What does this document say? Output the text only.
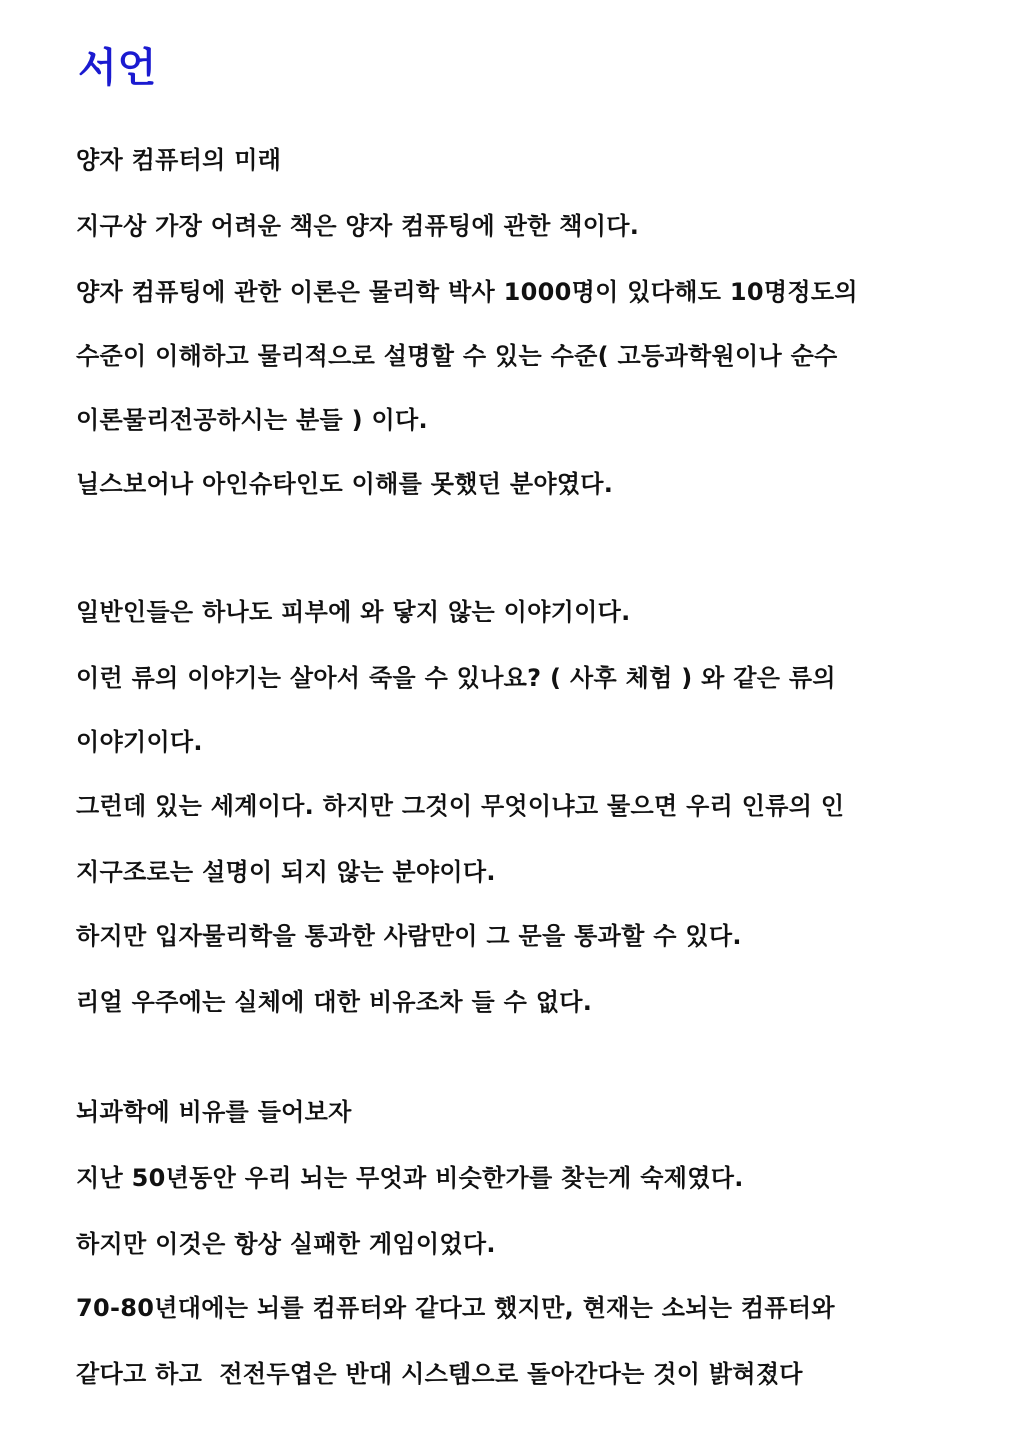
서언

양자 컴퓨터의 미래

지구상 가장 어려운 책은 양자 컴퓨팅에 관한 책이다.

양자 컴퓨팅에 관한 이론은 물리학 박사 1000명이 있다해도 10명정도의

수준이 이해하고 물리적으로 설명할 수 있는 수준( 고등과학원이나 순수

이론물리전공하시는 분들 ) 이다.

닐스보어나 아인슈타인도 이해를 못했던 분야였다.

일반인들은 하나도 피부에 와 닿지 않는 이야기이다.

이런 류의 이야기는 살아서 죽을 수 있나요? ( 사후 체험 ) 와 같은 류의

이야기이다.

그런데 있는 세계이다. 하지만 그것이 무엇이냐고 물으면 우리 인류의 인

지구조로는 설명이 되지 않는 분야이다.

하지만 입자물리학을 통과한 사람만이 그 문을 통과할 수 있다.

리얼 우주에는 실체에 대한 비유조차 들 수 없다.

뇌과학에 비유를 들어보자

지난 50년동안 우리 뇌는 무엇과 비슷한가를 찾는게 숙제였다.

하지만 이것은 항상 실패한 게임이었다.

70-80년대에는 뇌를 컴퓨터와 같다고 했지만, 현재는 소뇌는 컴퓨터와

같다고 하고  전전두엽은 반대 시스템으로 돌아간다는 것이 밝혀졌다
